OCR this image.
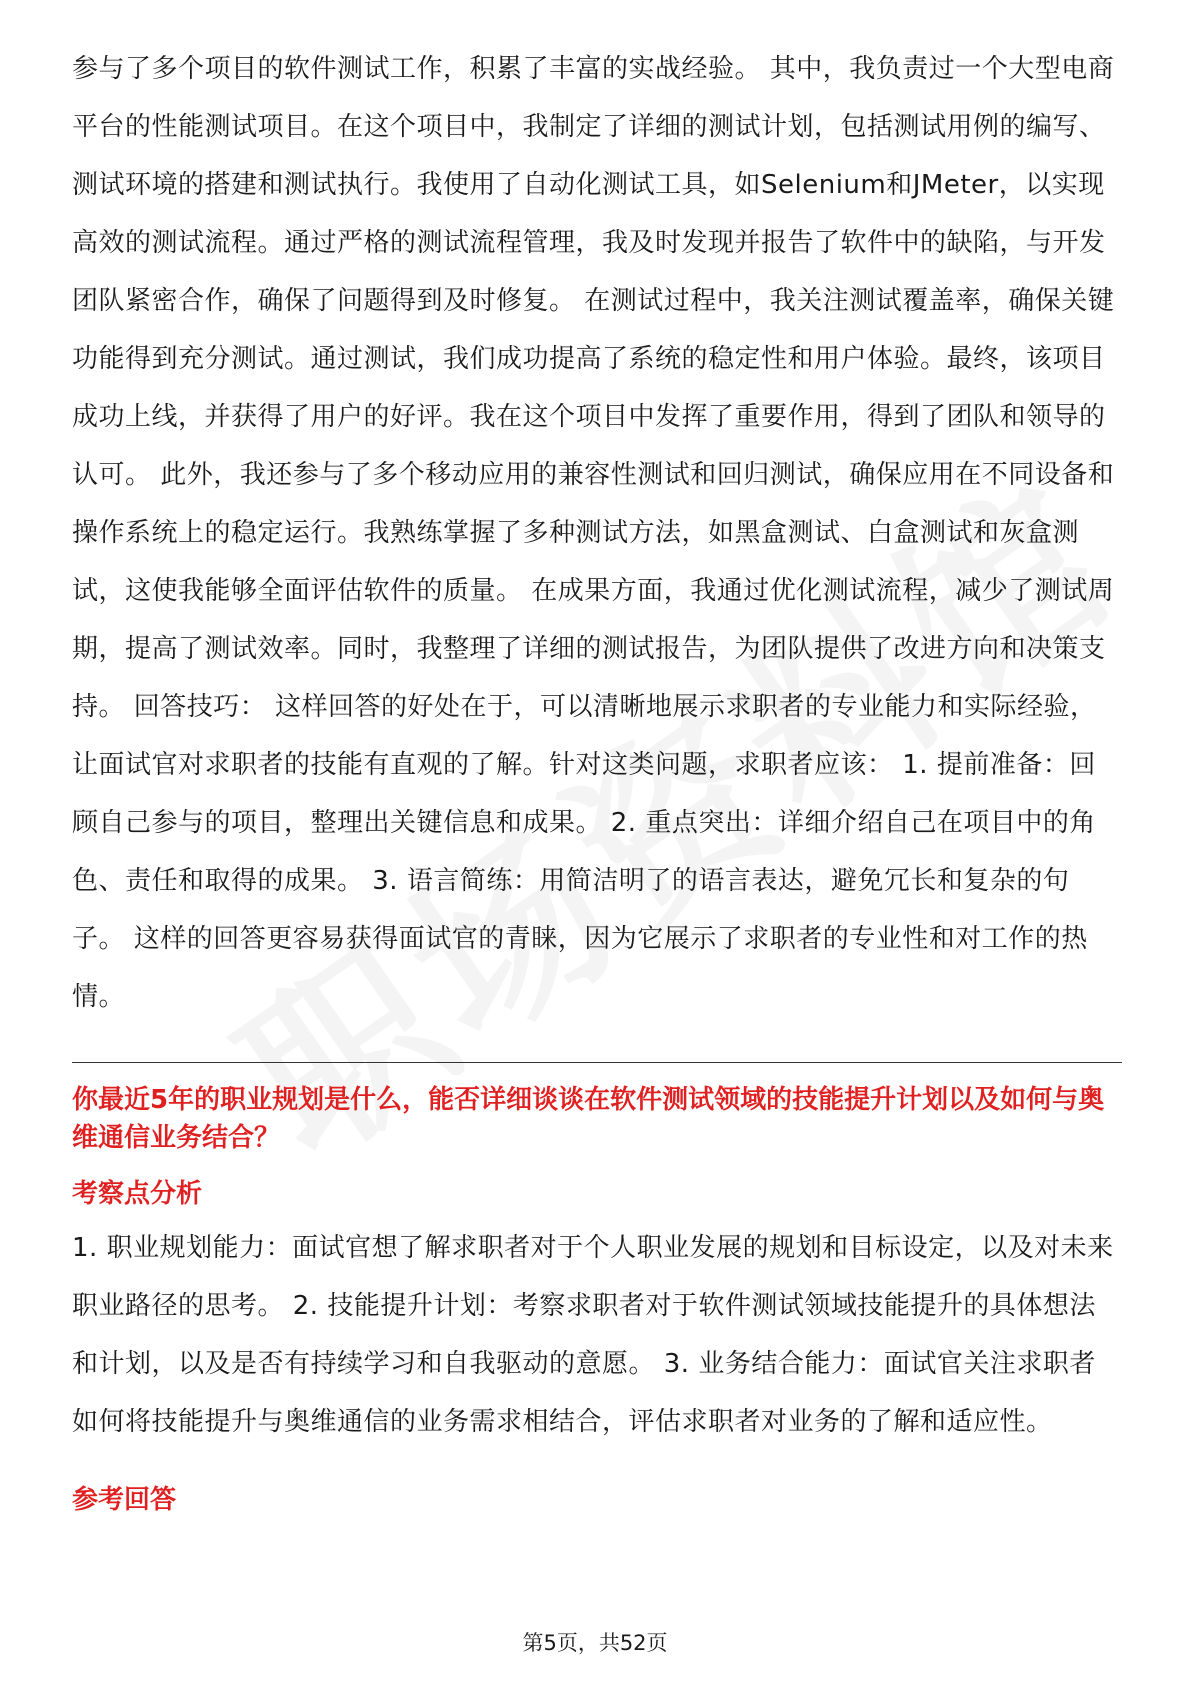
参与了多个项目的软件测试工作，积累了丰富的实战经验。 其中，我负责过一个大型电商平台的性能测试项目。在这个项目中，我制定了详细的测试计划，包括测试用例的编写、测试环境的搭建和测试执行。我使用了自动化测试工具，如Selenium和JMeter，以实现高效的测试流程。通过严格的测试流程管理，我及时发现并报告了软件中的缺陷，与开发团队紧密合作，确保了问题得到及时修复。 在测试过程中，我关注测试覆盖率，确保关键功能得到充分测试。通过测试，我们成功提高了系统的稳定性和用户体验。最终，该项目成功上线，并获得了用户的好评。我在这个项目中发挥了重要作用，得到了团队和领导的认可。 此外，我还参与了多个移动应用的兼容性测试和回归测试，确保应用在不同设备和操作系统上的稳定运行。我熟练掌握了多种测试方法，如黑盒测试、白盒测试和灰盒测试，这使我能够全面评估软件的质量。 在成果方面，我通过优化测试流程，减少了测试周期，提高了测试效率。同时，我整理了详细的测试报告，为团队提供了改进方向和决策支持。 回答技巧： 这样回答的好处在于，可以清晰地展示求职者的专业能力和实际经验，让面试官对求职者的技能有直观的了解。针对这类问题，求职者应该： 1. 提前准备：回顾自己参与的项目，整理出关键信息和成果。 2. 重点突出：详细介绍自己在项目中的角色、责任和取得的成果。 3. 语言简练：用简洁明了的语言表达，避免冗长和复杂的句子。 这样的回答更容易获得面试官的青睐，因为它展示了求职者的专业性和对工作的热情。

你最近5年的职业规划是什么，能否详细谈谈在软件测试领域的技能提升计划以及如何与奥维通信业务结合？

考察点分析

1. 职业规划能力：面试官想了解求职者对于个人职业发展的规划和目标设定，以及对未来职业路径的思考。 2. 技能提升计划：考察求职者对于软件测试领域技能提升的具体想法和计划，以及是否有持续学习和自我驱动的意愿。 3. 业务结合能力：面试官关注求职者如何将技能提升与奥维通信的业务需求相结合，评估求职者对业务的了解和适应性。

参考回答

第5页，共52页
